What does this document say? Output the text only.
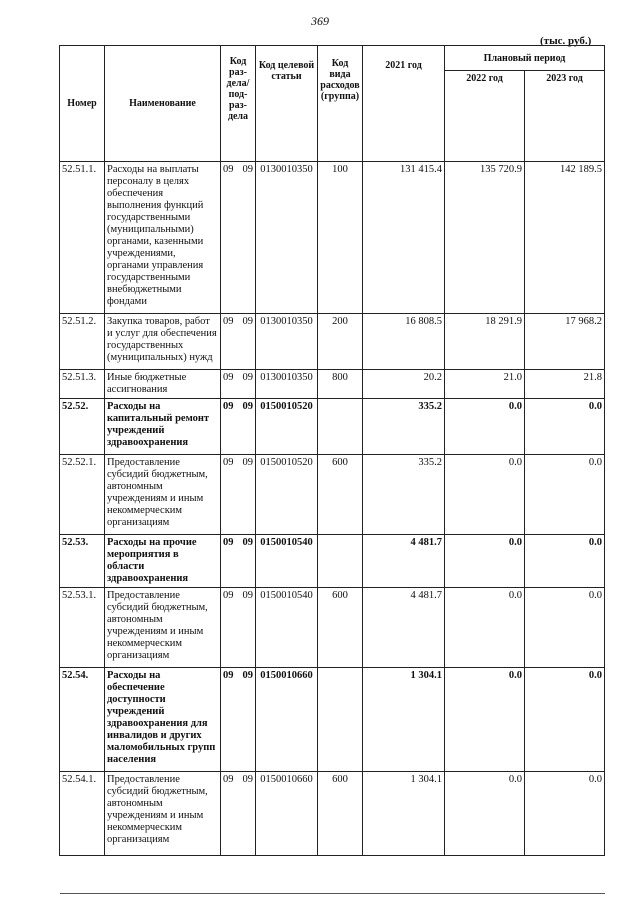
369
(тыс. руб.)
Номер	Наименование	Код раз-дела/ под-раз-дела	Код целевой статьи	Код вида расходов (группа)	2021 год	Плановый период	
						2022 год	2023 год
52.51.1.	Расходы на выплаты персоналу в целях обеспечения выполнения функций государственными (муниципальными) органами, казенными учреждениями, органами управления государственными внебюджетными фондами	09 09	0130010350	100	131 415.4	135 720.9	142 189.5
52.51.2.	Закупка товаров, работ и услуг для обеспечения государственных (муниципальных) нужд	09 09	0130010350	200	16 808.5	18 291.9	17 968.2
52.51.3.	Иные бюджетные ассигнования	09 09	0130010350	800	20.2	21.0	21.8
52.52.	Расходы на капитальный ремонт учреждений здравоохранения	09 09	0150010520		335.2	0.0	0.0
52.52.1.	Предоставление субсидий бюджетным, автономным учреждениям и иным некоммерческим организациям	09 09	0150010520	600	335.2	0.0	0.0
52.53.	Расходы на прочие мероприятия в области здравоохранения	09 09	0150010540		4 481.7	0.0	0.0
52.53.1.	Предоставление субсидий бюджетным, автономным учреждениям и иным некоммерческим организациям	09 09	0150010540	600	4 481.7	0.0	0.0
52.54.	Расходы на обеспечение доступности учреждений здравоохранения для инвалидов и других маломобильных групп населения	09 09	0150010660		1 304.1	0.0	0.0
52.54.1.	Предоставление субсидий бюджетным, автономным учреждениям и иным некоммерческим организациям	09 09	0150010660	600	1 304.1	0.0	0.0
